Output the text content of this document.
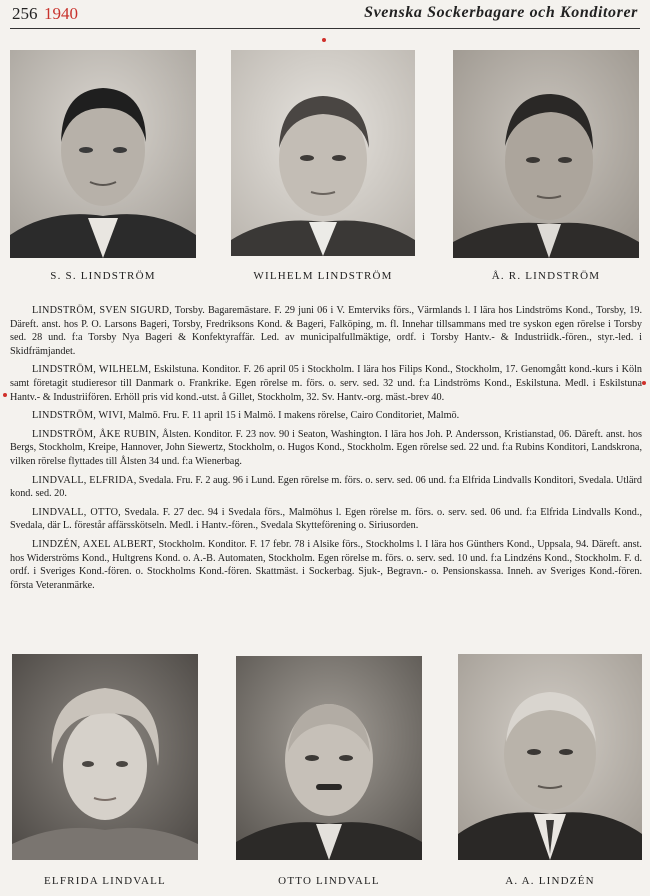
256 1940	Svenska Sockerbagare och Konditorer
S. S. LINDSTRÖM	WILHELM LINDSTRÖM	Å. R. LINDSTRÖM

LINDSTRÖM, SVEN SIGURD, Torsby. Bagaremästare. F. 29 juni 06 i V. Emterviks förs., Värmlands l. I lära hos Lindströms Kond., Torsby, 19. Däreft. anst. hos P. O. Larsons Bageri, Torsby, Fredriksons Kond. & Bageri, Falköping, m. fl. Innehar tillsammans med tre syskon egen rörelse i Torsby sed. 28 und. f:a Torsby Nya Bageri & Konfektyraffär. Led. av municipalfullmäktige, ordf. i Torsby Hantv.- & Industriidk.-fören., styr.-led. i Skidfrämjandet.

LINDSTRÖM, WILHELM, Eskilstuna. Konditor. F. 26 april 05 i Stockholm. I lära hos Filips Kond., Stockholm, 17. Genomgått kond.-kurs i Köln samt företagit studieresor till Danmark o. Frankrike. Egen rörelse m. förs. o. serv. sed. 32 und. f:a Lindströms Kond., Eskilstuna. Medl. i Eskilstuna Hantv.- & Industriifören. Erhöll pris vid kond.-utst. å Gillet, Stockholm, 32. Sv. Hantv.-org. mäst.-brev 40.

LINDSTRÖM, WIVI, Malmö. Fru. F. 11 april 15 i Malmö. I makens rörelse, Cairo Conditoriet, Malmö.

LINDSTRÖM, ÅKE RUBIN, Ålsten. Konditor. F. 23 nov. 90 i Seaton, Washington. I lära hos Joh. P. Andersson, Kristianstad, 06. Däreft. anst. hos Bergs, Stockholm, Kreipe, Hannover, John Siewertz, Stockholm, o. Hugos Kond., Stockholm. Egen rörelse sed. 22 und. f:a Rubins Konditori, Landskrona, vilken rörelse flyttades till Ålsten 34 und. f:a Wienerbag.

LINDVALL, ELFRIDA, Svedala. Fru. F. 2 aug. 96 i Lund. Egen rörelse m. förs. o. serv. sed. 06 und. f:a Elfrida Lindvalls Konditori, Svedala. Utlärd kond. sed. 20.

LINDVALL, OTTO, Svedala. F. 27 dec. 94 i Svedala förs., Malmöhus l. Egen rörelse m. förs. o. serv. sed. 06 und. f:a Elfrida Lindvalls Kond., Svedala, där L. förestår affärsskötseln. Medl. i Hantv.-fören., Svedala Skytteförening o. Siriusorden.

LINDZÉN, AXEL ALBERT, Stockholm. Konditor. F. 17 febr. 78 i Alsike förs., Stockholms l. I lära hos Günthers Kond., Uppsala, 94. Däreft. anst. hos Widerströms Kond., Hultgrens Kond. o. A.-B. Automaten, Stockholm. Egen rörelse m. förs. o. serv. sed. 10 und. f:a Lindzéns Kond., Stockholm. F. d. ordf. i Sveriges Kond.-fören. o. Stockholms Kond.-fören. Skattmäst. i Sockerbag. Sjuk-, Begravn.- o. Pensionskassa. Inneh. av Sveriges Kond.-fören. första Veteranmärke.

ELFRIDA LINDVALL	OTTO LINDVALL	A. A. LINDZÉN
